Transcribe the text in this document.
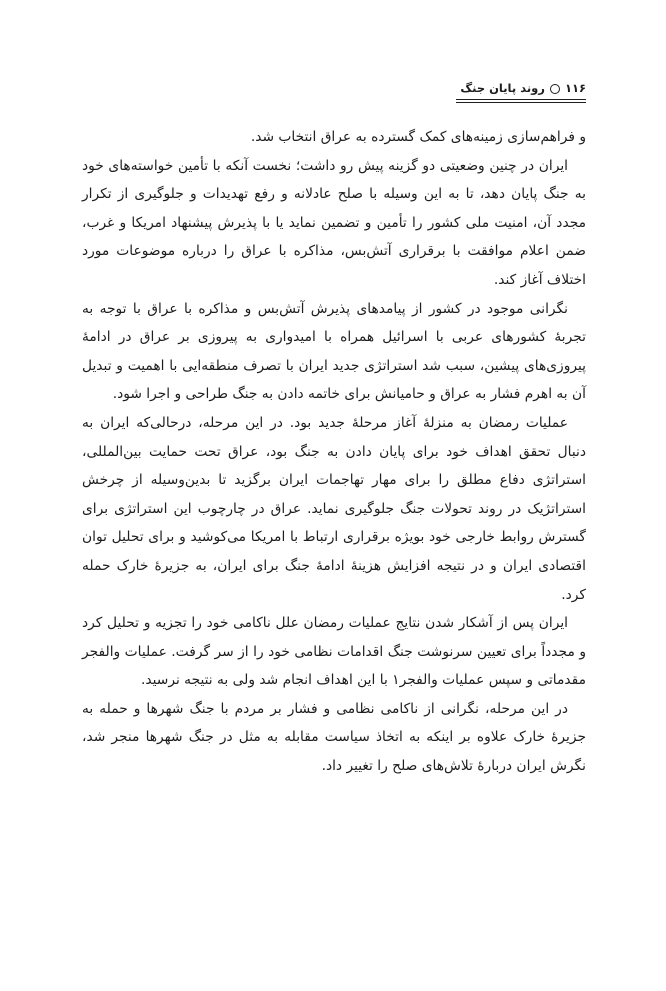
۱۱۶روند پایان جنگ

و فراهم‌سازی زمینه‌های کمک گسترده به عراق انتخاب شد.

ایران در چنین وضعیتی دو گزینه پیش رو داشت؛ نخست آنکه با تأمین خواسته‌های خود به جنگ پایان دهد، تا به این وسیله با صلح عادلانه و رفع تهدیدات و جلوگیری از تکرار مجدد آن، امنیت ملی کشور را تأمین و تضمین نماید یا با پذیرش پیشنهاد امریکا و غرب، ضمن اعلام موافقت با برقراری آتش‌بس، مذاکره با عراق را درباره موضوعات مورد اختلاف آغاز کند.

نگرانی موجود در کشور از پیامدهای پذیرش آتش‌بس و مذاکره با عراق با توجه به تجربهٔ کشورهای عربی با اسرائیل همراه با امیدواری به پیروزی بر عراق در ادامهٔ پیروزی‌های پیشین، سبب شد استراتژی جدید ایران با تصرف منطقه‌ایی با اهمیت و تبدیل آن به اهرم فشار به عراق و حامیانش برای خاتمه دادن به جنگ طراحی و اجرا شود.

عملیات رمضان به منزلهٔ آغاز مرحلهٔ جدید بود. در این مرحله، درحالی‌که ایران به دنبال تحقق اهداف خود برای پایان دادن به جنگ بود، عراق تحت حمایت بین‌المللی، استراتژی دفاع مطلق را برای مهار تهاجمات ایران برگزید تا بدین‌وسیله از چرخش استراتژیک در روند تحولات جنگ جلوگیری نماید. عراق در چارچوب این استراتژی برای گسترش روابط خارجی خود بویژه برقراری ارتباط با امریکا می‌کوشید و برای تحلیل توان اقتصادی ایران و در نتیجه افزایش هزینهٔ ادامهٔ جنگ برای ایران، به جزیرهٔ خارک حمله کرد.

ایران پس از آشکار شدن نتایج عملیات رمضان علل ناکامی خود را تجزیه و تحلیل کرد و مجدداً برای تعیین سرنوشت جنگ اقدامات نظامی خود را از سر گرفت. عملیات والفجر مقدماتی و سپس عملیات والفجر۱ با این اهداف انجام شد ولی به نتیجه نرسید.

در این مرحله، نگرانی از ناکامی نظامی و فشار بر مردم با جنگ شهرها و حمله به جزیرهٔ خارک علاوه بر اینکه به اتخاذ سیاست مقابله به مثل در جنگ شهرها منجر شد، نگرش ایران دربارهٔ تلاش‌های صلح را تغییر داد.
